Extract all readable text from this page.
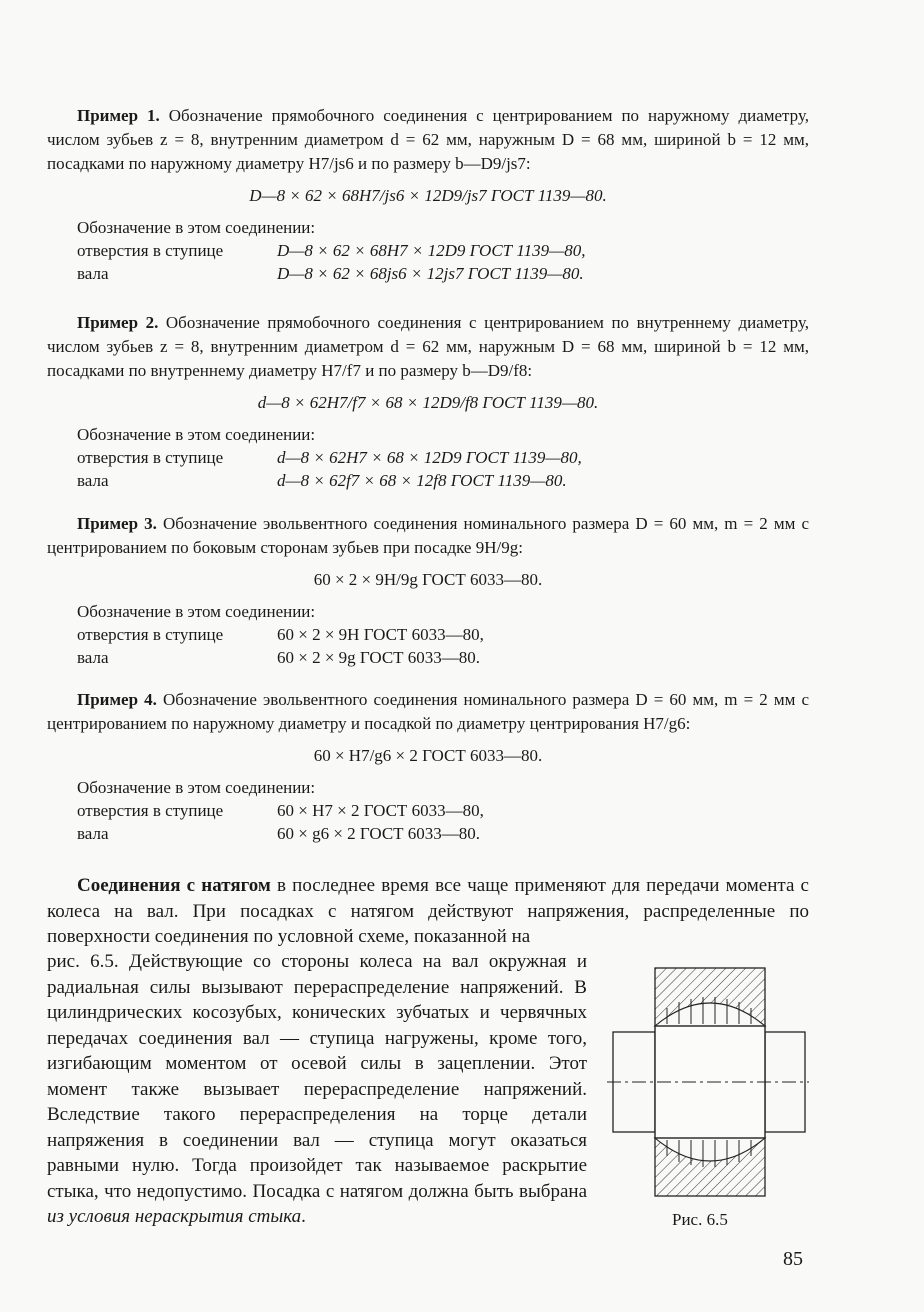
Пример 1. Обозначение прямобочного соединения с центрированием по наружному диаметру, числом зубьев z = 8, внутренним диаметром d = 62 мм, наружным D = 68 мм, шириной b = 12 мм, посадками по наружному диаметру H7/js6 и по размеру b—D9/js7:

D—8 × 62 × 68H7/js6 × 12D9/js7 ГОСТ 1139—80.
Обозначение в этом соединении:
отверстия в ступице	D—8 × 62 × 68H7 × 12D9 ГОСТ 1139—80,
вала	D—8 × 62 × 68js6 × 12js7 ГОСТ 1139—80.

Пример 2. Обозначение прямобочного соединения с центрированием по внутреннему диаметру, числом зубьев z = 8, внутренним диаметром d = 62 мм, наружным D = 68 мм, шириной b = 12 мм, посадками по внутреннему диаметру H7/f7 и по размеру b—D9/f8:

d—8 × 62H7/f7 × 68 × 12D9/f8 ГОСТ 1139—80.
Обозначение в этом соединении:
отверстия в ступице	d—8 × 62H7 × 68 × 12D9 ГОСТ 1139—80,
вала	d—8 × 62f7 × 68 × 12f8 ГОСТ 1139—80.

Пример 3. Обозначение эвольвентного соединения номинального размера D = 60 мм, m = 2 мм с центрированием по боковым сторонам зубьев при посадке 9H/9g:

60 × 2 × 9H/9g ГОСТ 6033—80.
Обозначение в этом соединении:
отверстия в ступице	60 × 2 × 9H ГОСТ 6033—80,
вала	60 × 2 × 9g ГОСТ 6033—80.

Пример 4. Обозначение эвольвентного соединения номинального размера D = 60 мм, m = 2 мм с центрированием по наружному диаметру и посадкой по диаметру центрирования H7/g6:

60 × H7/g6 × 2 ГОСТ 6033—80.
Обозначение в этом соединении:
отверстия в ступице	60 × H7 × 2 ГОСТ 6033—80,
вала	60 × g6 × 2 ГОСТ 6033—80.

Соединения с натягом в последнее время все чаще применяют для передачи момента с колеса на вал. При посадках с натягом действуют напряжения, распределенные по поверхности соединения по условной схеме, показанной на

рис. 6.5. Действующие со стороны колеса на вал окружная и радиальная силы вызывают перераспределение напряжений. В цилиндрических косозубых, конических зубчатых и червячных передачах соединения вал — ступица нагружены, кроме того, изгибающим моментом от осевой силы в зацеплении. Этот момент также вызывает перераспределение напряжений. Вследствие такого перераспределения на торце детали напряжения в соединении вал — ступица могут оказаться равными нулю. Тогда произойдет так называемое раскрытие стыка, что недопустимо. Посадка с натягом должна быть выбрана из условия нераскрытия стыка.	Рис. 6.5
85
